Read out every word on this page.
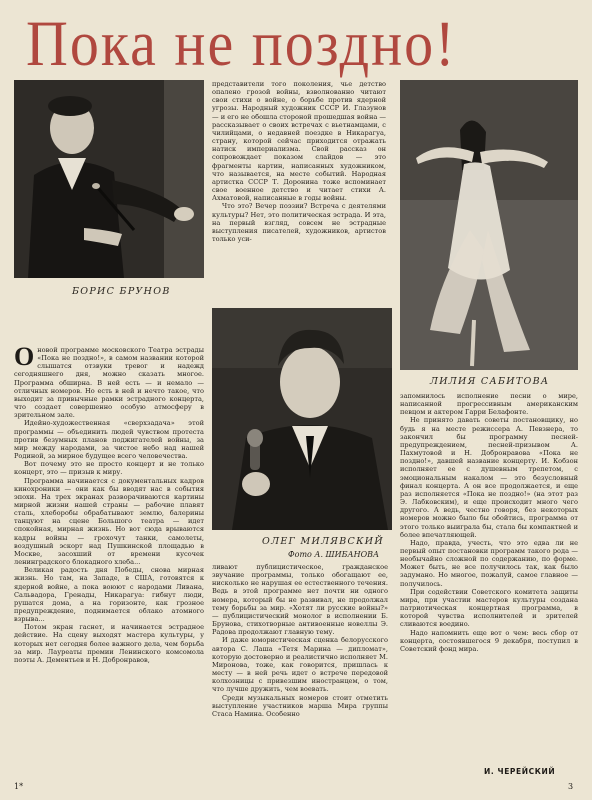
Пока не поздно!
БОРИС БРУНОВ

представители того поколения, чье детство опалено грозой войны, взволнованно читают свои стихи о войне, о борьбе против ядерной угрозы. Народный художник СССР И. Глазунов — и его не обошла стороной прошедшая война — рассказывает о своих встречах с вьетнамцами, с чилийцами, о недавней поездке в Никарагуа, страну, которой сейчас приходится отражать натиск империализма. Свой рассказ он сопровождает показом слайдов — это фрагменты картин, написанных художником, что называется, на месте событий. Народная артистка СССР Т. Доронина тоже вспоминает свое военное детство и читает стихи А. Ахматовой, написанные в годы войны.

Что это? Вечер поэзии? Встреча с деятелями культуры? Нет, это политическая эстрада. И эта, на первый взгляд, совсем не эстрадные выступления писателей, художников, артистов только уси-

ЛИЛИЯ САБИТОВА

Оновой программе московского Театра эстрады «Пока не поздно!», в самом названии которой слышатся отзвуки тревог и надежд сегодняшнего дня, можно сказать многое. Программа обширна. В ней есть — и немало — отличных номеров. Но есть в ней и нечто такое, что выходит за привычные рамки эстрадного концерта, что создает совершенно особую атмосферу в зрительном зале.

Идейно-художественная «сверхзадача» этой программы — объединить людей чувством протеста против безумных планов поджигателей войны, за мир между народами, за чистое небо над нашей Родиной, за мирное будущее всего человечества.

Вот почему это не просто концерт и не только концерт, это — призыв к миру.

Программа начинается с документальных кадров кинохроники — они как бы вводят нас в события эпохи. На трех экранах разворачиваются картины мирной жизни нашей страны — рабочие плавят сталь, хлеборобы обрабатывают землю, балерины танцуют на сцене Большого театра — идет спокойная, мирная жизнь. Но вот сюда врываются кадры войны — грохочут танки, самолеты, воздушный эскорт над Пушкинской площадью в Москве, засохший от времени кусочек ленинградского блокадного хлеба...

Великая радость дня Победы, снова мирная жизнь. Но там, на Западе, в США, готовятся к ядерной войне, а пока воюют с народами Ливана, Сальвадора, Гренады, Никарагуа: гибнут люди, рушатся дома, а на горизонте, как грозное предупреждение, поднимается облако атомного взрыва...

Потом экран гаснет, и начинается эстрадное действие. На сцену выходят мастера культуры, у которых нет сегодня более важного дела, чем борьба за мир. Лауреаты премии Ленинского комсомола поэты А. Дементьев и Н. Добронравов,

ОЛЕГ МИЛЯВСКИЙ
Фото А. ШИБАНОВА

ливают публицистическое, гражданское звучание программы, только обогащают ее, нисколько не нарушая ее естественного течения. Ведь в этой программе нет почти ни одного номера, который бы не развивал, не продолжал тему борьбы за мир. «Хотят ли русские войны?» — публицистический монолог в исполнении Б. Брунова, стихотворные антивоенные новеллы Э. Радова продолжают главную тему.

И даже юмористическая сценка белорусского автора С. Лаша «Тетя Марина — дипломат», которую достоверно и реалистично исполняет М. Миронова, тоже, как говорится, пришлась к месту — в ней речь идет о встрече передовой колхозницы с привезшим иностранцем, о том, что лучше дружить, чем воевать.

Среди музыкальных номеров стоит отметить выступление участников марша Мира группы Стаса Намина. Особенно

запомнилось исполнение песни о мире, написанной прогрессивным американским певцом и актером Гарри Белафонте.

Не принято давать советы постановщику, но будь я на месте режиссера А. Певзнера, то закончил бы программу песней-предупреждением, песней-призывом А. Пахмутовой и Н. Добронравова «Пока не поздно!», давшей название концерту. И. Кобзон исполняет ее с душевным трепетом, с эмоциональным накалом — это безусловный финал концерта. А он все продолжается, и еще раз исполняется «Пока не поздно!» (на этот раз Э. Лабковским), и еще происходит много чего другого. А ведь, честно говоря, без некоторых номеров можно было бы обойтись, программа от этого только выиграла бы, стала бы компактней и более впечатляющей.

Надо, правда, учесть, что это едва ли не первый опыт постановки программ такого рода — необычайно сложной по содержанию, по форме. Может быть, не все получилось так, как было задумано. Но многое, пожалуй, самое главное — получилось.

При содействии Советского комитета защиты мира, при участии мастеров культуры создана патриотическая концертная программа, в которой чувства исполнителей и зрителей сливаются воедино.

Надо напомнить еще вот о чем: весь сбор от концерта, состоявшегося 9 декабря, поступил в Советский фонд мира.

И. ЧЕРЕЙСКИЙ
1*	3
